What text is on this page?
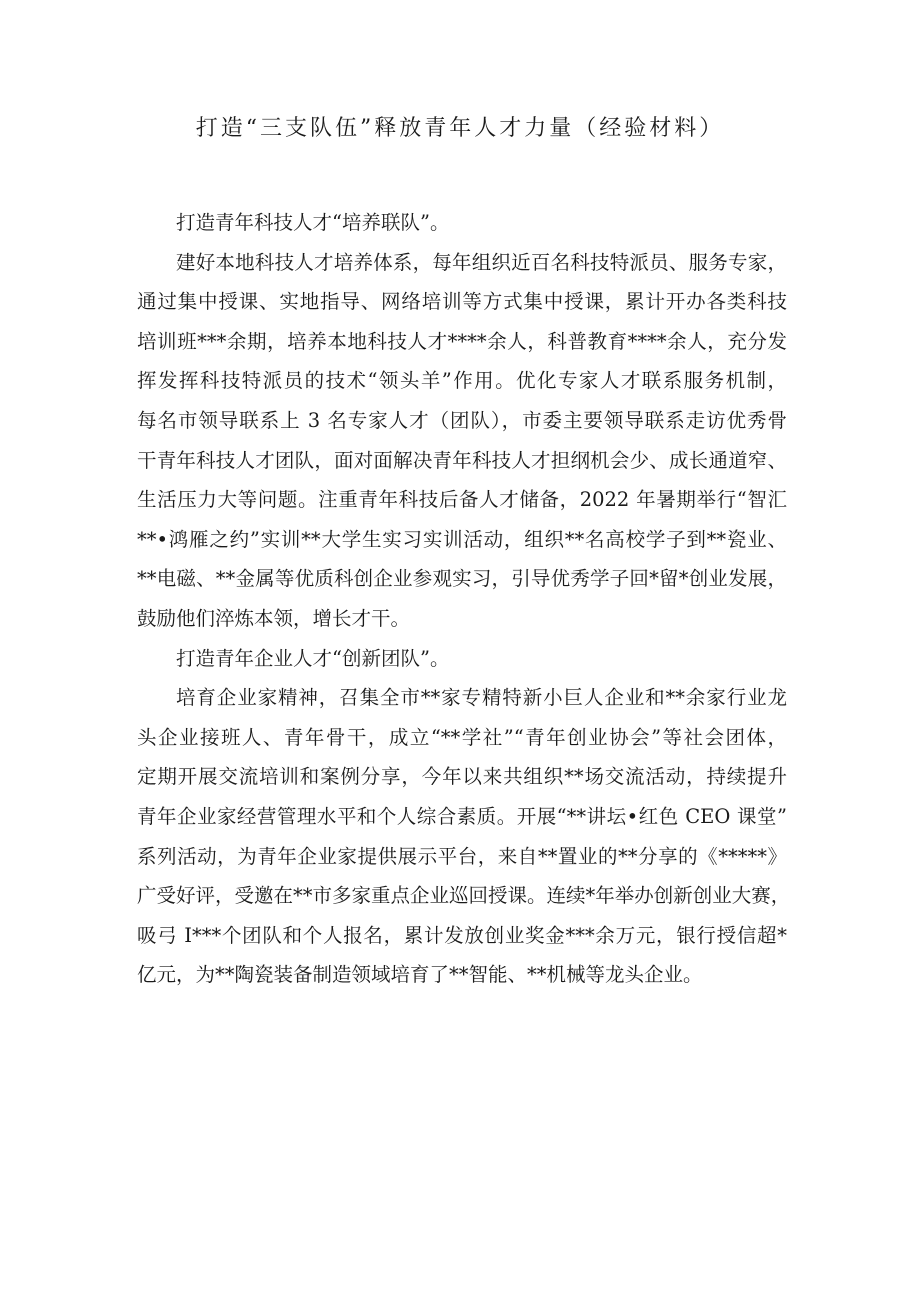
打造“三支队伍”释放青年人才力量（经验材料）
打造青年科技人才“培养联队”。
建好本地科技人才培养体系，每年组织近百名科技特派员、服务专家，
通过集中授课、实地指导、网络培训等方式集中授课，累计开办各类科技
培训班***余期，培养本地科技人才****余人，科普教育****余人，充分发
挥发挥科技特派员的技术“领头羊”作用。优化专家人才联系服务机制，
每名市领导联系上 3 名专家人才（团队），市委主要领导联系走访优秀骨
干青年科技人才团队，面对面解决青年科技人才担纲机会少、成长通道窄、
生活压力大等问题。注重青年科技后备人才储备，2022 年暑期举行“智汇
**•鸿雁之约”实训**大学生实习实训活动，组织**名高校学子到**瓷业、
**电磁、**金属等优质科创企业参观实习，引导优秀学子回*留*创业发展，
鼓励他们淬炼本领，增长才干。
打造青年企业人才“创新团队”。
培育企业家精神，召集全市**家专精特新小巨人企业和**余家行业龙
头企业接班人、青年骨干，成立“**学社”“青年创业协会”等社会团体，
定期开展交流培训和案例分享，今年以来共组织**场交流活动，持续提升
青年企业家经营管理水平和个人综合素质。开展“**讲坛•红色 CEO 课堂”
系列活动，为青年企业家提供展示平台，来自**置业的**分享的《*****》
广受好评，受邀在**市多家重点企业巡回授课。连续*年举办创新创业大赛，
吸弓 I***个团队和个人报名，累计发放创业奖金***余万元，银行授信超*
亿元，为**陶瓷装备制造领域培育了**智能、**机械等龙头企业。
